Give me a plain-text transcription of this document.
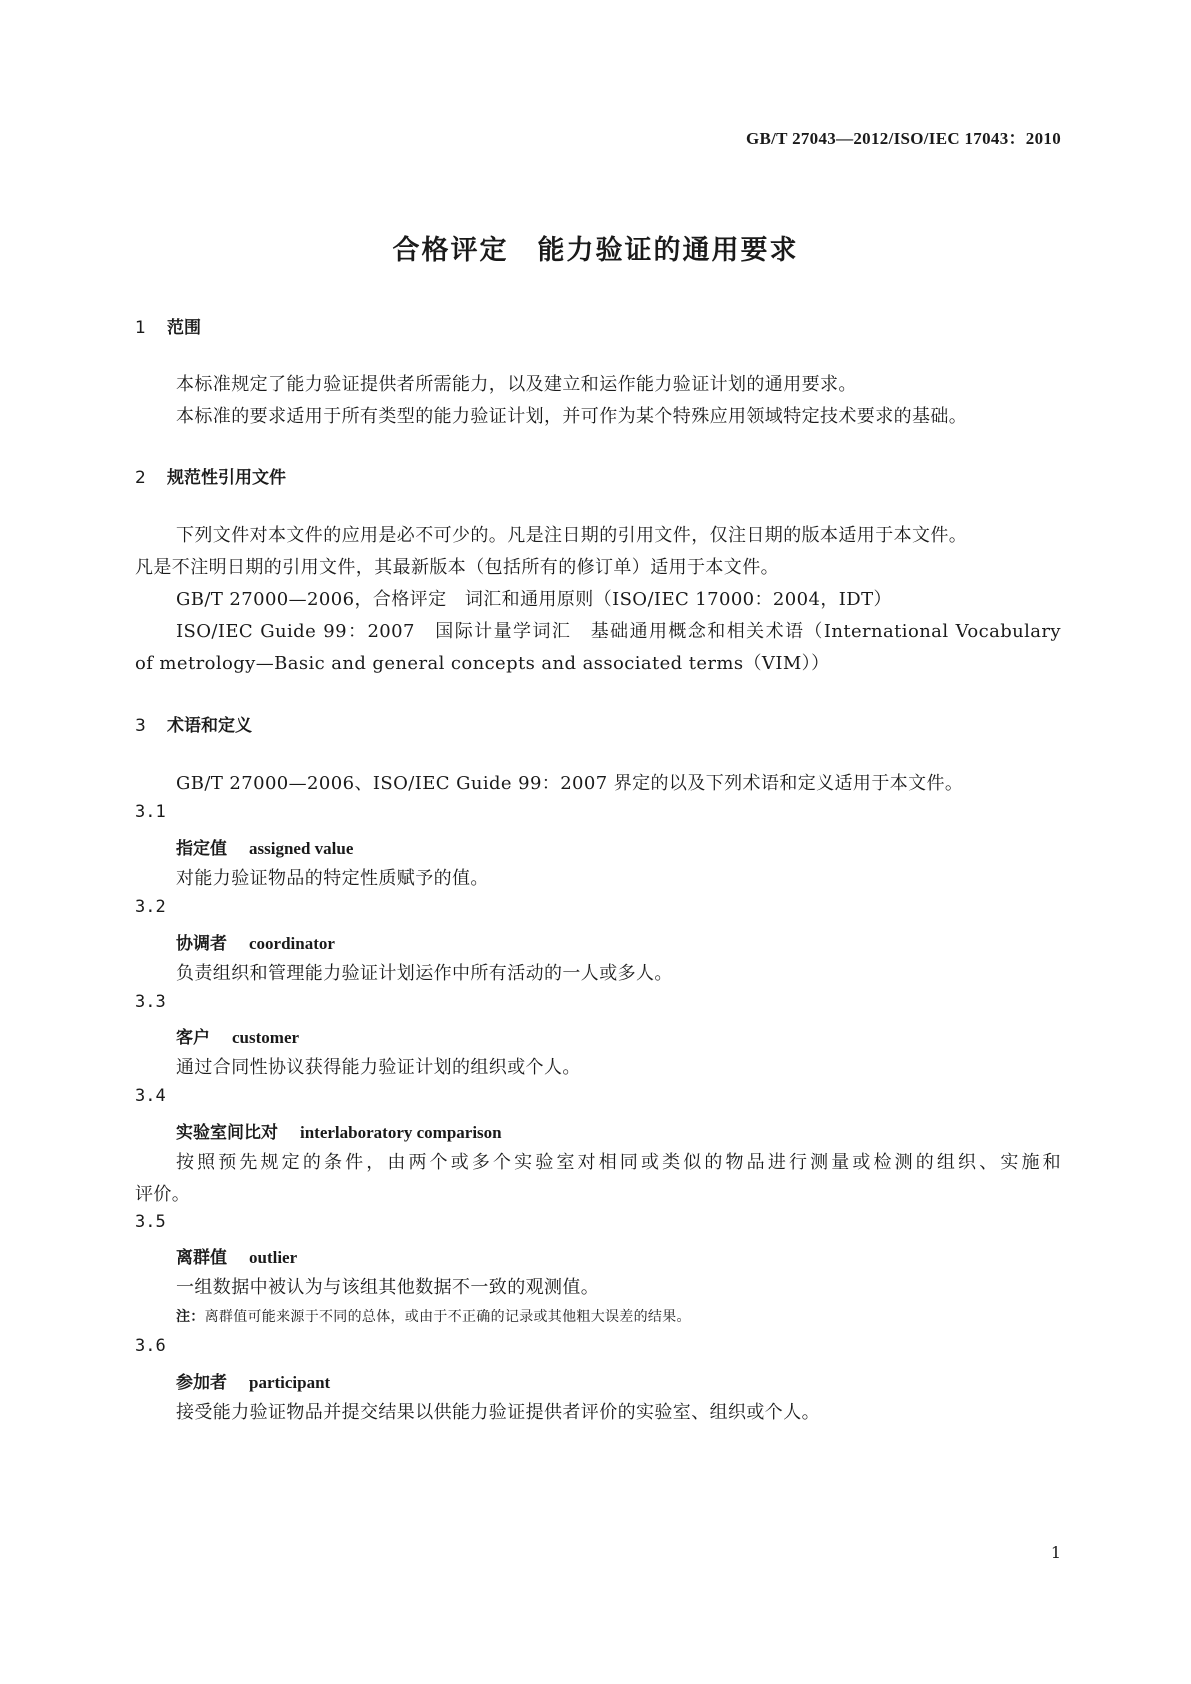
GB/T 27043—2012/ISO/IEC 17043：2010
合格评定　能力验证的通用要求
1 范围
本标准规定了能力验证提供者所需能力，以及建立和运作能力验证计划的通用要求。
本标准的要求适用于所有类型的能力验证计划，并可作为某个特殊应用领域特定技术要求的基础。
2 规范性引用文件
下列文件对本文件的应用是必不可少的。凡是注日期的引用文件，仅注日期的版本适用于本文件。
凡是不注明日期的引用文件，其最新版本（包括所有的修订单）适用于本文件。
GB/T 27000—2006，合格评定　词汇和通用原则（ISO/IEC 17000：2004，IDT）
ISO/IEC Guide 99：2007　国际计量学词汇　基础通用概念和相关术语（International Vocabulary
of metrology—Basic and general concepts and associated terms（VIM））
3 术语和定义
GB/T 27000—2006、ISO/IEC Guide 99：2007 界定的以及下列术语和定义适用于本文件。
3.1
指定值 assigned value
对能力验证物品的特定性质赋予的值。
3.2
协调者 coordinator
负责组织和管理能力验证计划运作中所有活动的一人或多人。
3.3
客户 customer
通过合同性协议获得能力验证计划的组织或个人。
3.4
实验室间比对 interlaboratory comparison
按照预先规定的条件，由两个或多个实验室对相同或类似的物品进行测量或检测的组织、实施和
评价。
3.5
离群值 outlier
一组数据中被认为与该组其他数据不一致的观测值。
注：离群值可能来源于不同的总体，或由于不正确的记录或其他粗大误差的结果。
3.6
参加者 participant
接受能力验证物品并提交结果以供能力验证提供者评价的实验室、组织或个人。
1
